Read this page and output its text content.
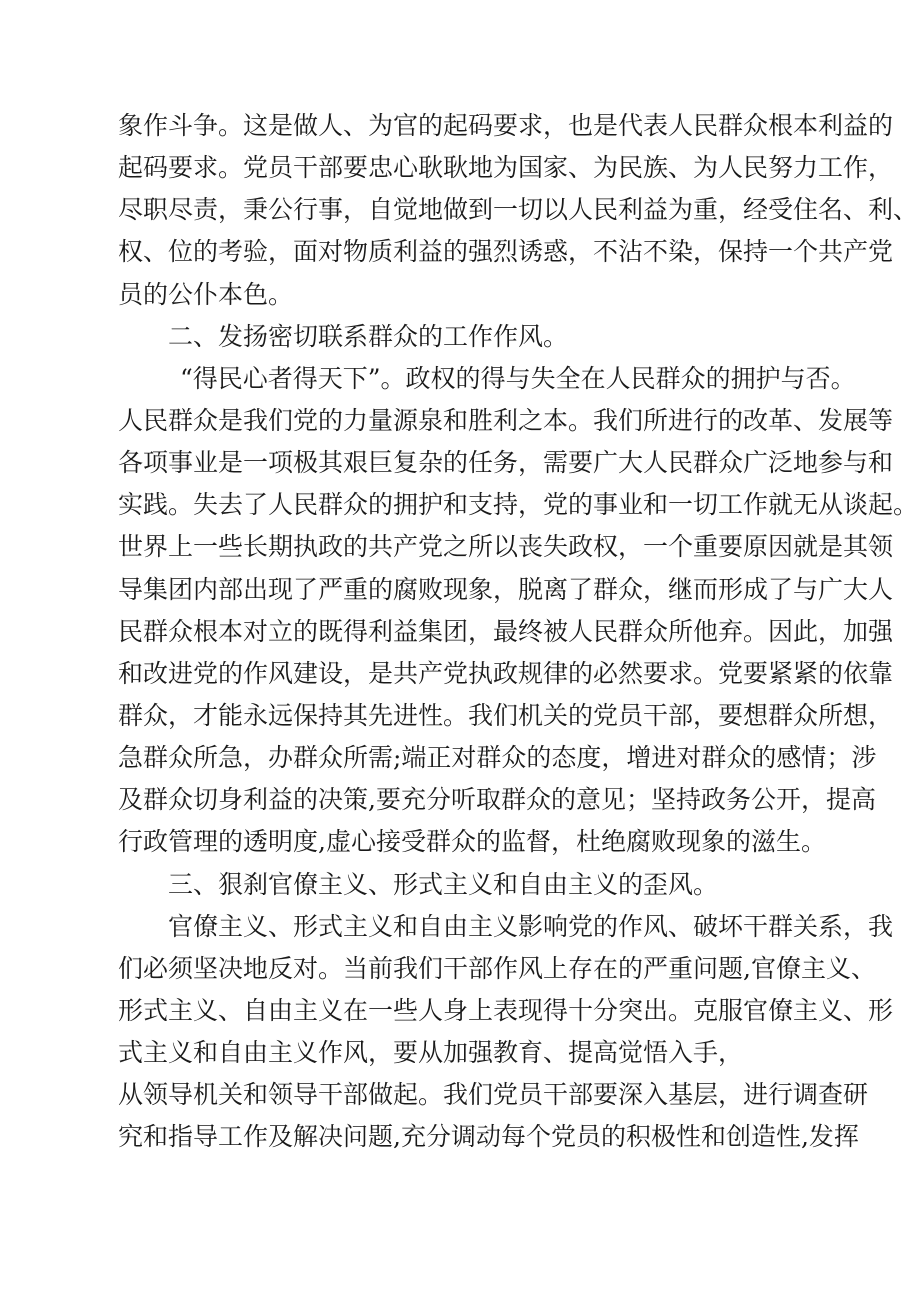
象作斗争。这是做人、为官的起码要求，也是代表人民群众根本利益的
起码要求。党员干部要忠心耿耿地为国家、为民族、为人民努力工作，
尽职尽责，秉公行事，自觉地做到一切以人民利益为重，经受住名、利、
权、位的考验，面对物质利益的强烈诱惑，不沾不染，保持一个共产党
员的公仆本色。
二、发扬密切联系群众的工作作风。
“得民心者得天下”。政权的得与失全在人民群众的拥护与否。
人民群众是我们党的力量源泉和胜利之本。我们所进行的改革、发展等
各项事业是一项极其艰巨复杂的任务，需要广大人民群众广泛地参与和
实践。失去了人民群众的拥护和支持，党的事业和一切工作就无从谈起。
世界上一些长期执政的共产党之所以丧失政权，一个重要原因就是其领
导集团内部出现了严重的腐败现象，脱离了群众，继而形成了与广大人
民群众根本对立的既得利益集团，最终被人民群众所他弃。因此，加强
和改进党的作风建设，是共产党执政规律的必然要求。党要紧紧的依靠
群众，才能永远保持其先进性。我们机关的党员干部，要想群众所想，
急群众所急，办群众所需;端正对群众的态度，增进对群众的感情；涉
及群众切身利益的决策,要充分听取群众的意见；坚持政务公开，提高
行政管理的透明度,虚心接受群众的监督，杜绝腐败现象的滋生。
三、狠刹官僚主义、形式主义和自由主义的歪风。
官僚主义、形式主义和自由主义影响党的作风、破坏干群关系，我
们必须坚决地反对。当前我们干部作风上存在的严重问题,官僚主义、
形式主义、自由主义在一些人身上表现得十分突出。克服官僚主义、形
式主义和自由主义作风，要从加强教育、提高觉悟入手，
从领导机关和领导干部做起。我们党员干部要深入基层，进行调查研
究和指导工作及解决问题,充分调动每个党员的积极性和创造性,发挥
